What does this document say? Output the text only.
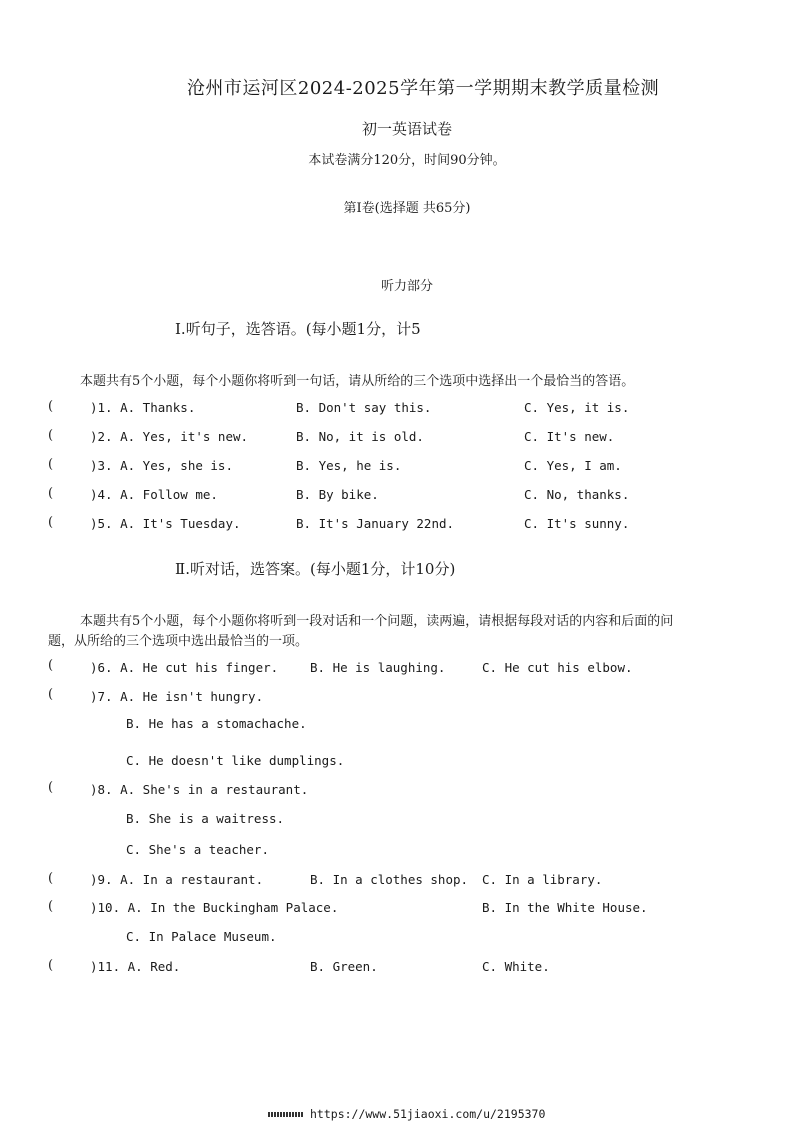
沧州市运河区2024-2025学年第一学期期末教学质量检测
初一英语试卷
本试卷满分120分，时间90分钟。
第Ⅰ卷(选择题 共65分)
听力部分
Ⅰ.听句子，选答语。(每小题1分，计5
本题共有5个小题，每个小题你将听到一句话，请从所给的三个选项中选择出一个最恰当的答语。
(	)1. A. Thanks.	B. Don't say this.	C. Yes, it is.
(	)2. A. Yes, it's new.	B. No, it is old.	C. It's new.
(	)3. A. Yes, she is.	B. Yes, he is.	C. Yes, I am.
(	)4. A. Follow me.	B. By bike.	C. No, thanks.
(	)5. A. It's Tuesday.	B. It's January 22nd.	C. It's sunny.
Ⅱ.听对话，选答案。(每小题1分，计10分)
本题共有5个小题，每个小题你将听到一段对话和一个问题，读两遍，请根据每段对话的内容和后面的问
题，从所给的三个选项中选出最恰当的一项。
(	)6. A. He cut his finger.	B. He is laughing.	C. He cut his elbow.
(	)7. A. He isn't hungry.
B. He has a stomachache.
C. He doesn't like dumplings.
(	)8. A. She's in a restaurant.
B. She is a waitress.
C. She's a teacher.
(	)9. A. In a restaurant.	B. In a clothes shop. C. In a library.
(	)10. A. In the Buckingham Palace.	B. In the White House.
C. In Palace Museum.
(	)11. A. Red.	B. Green.	C. White.
https://www.51jiaoxi.com/u/2195370
